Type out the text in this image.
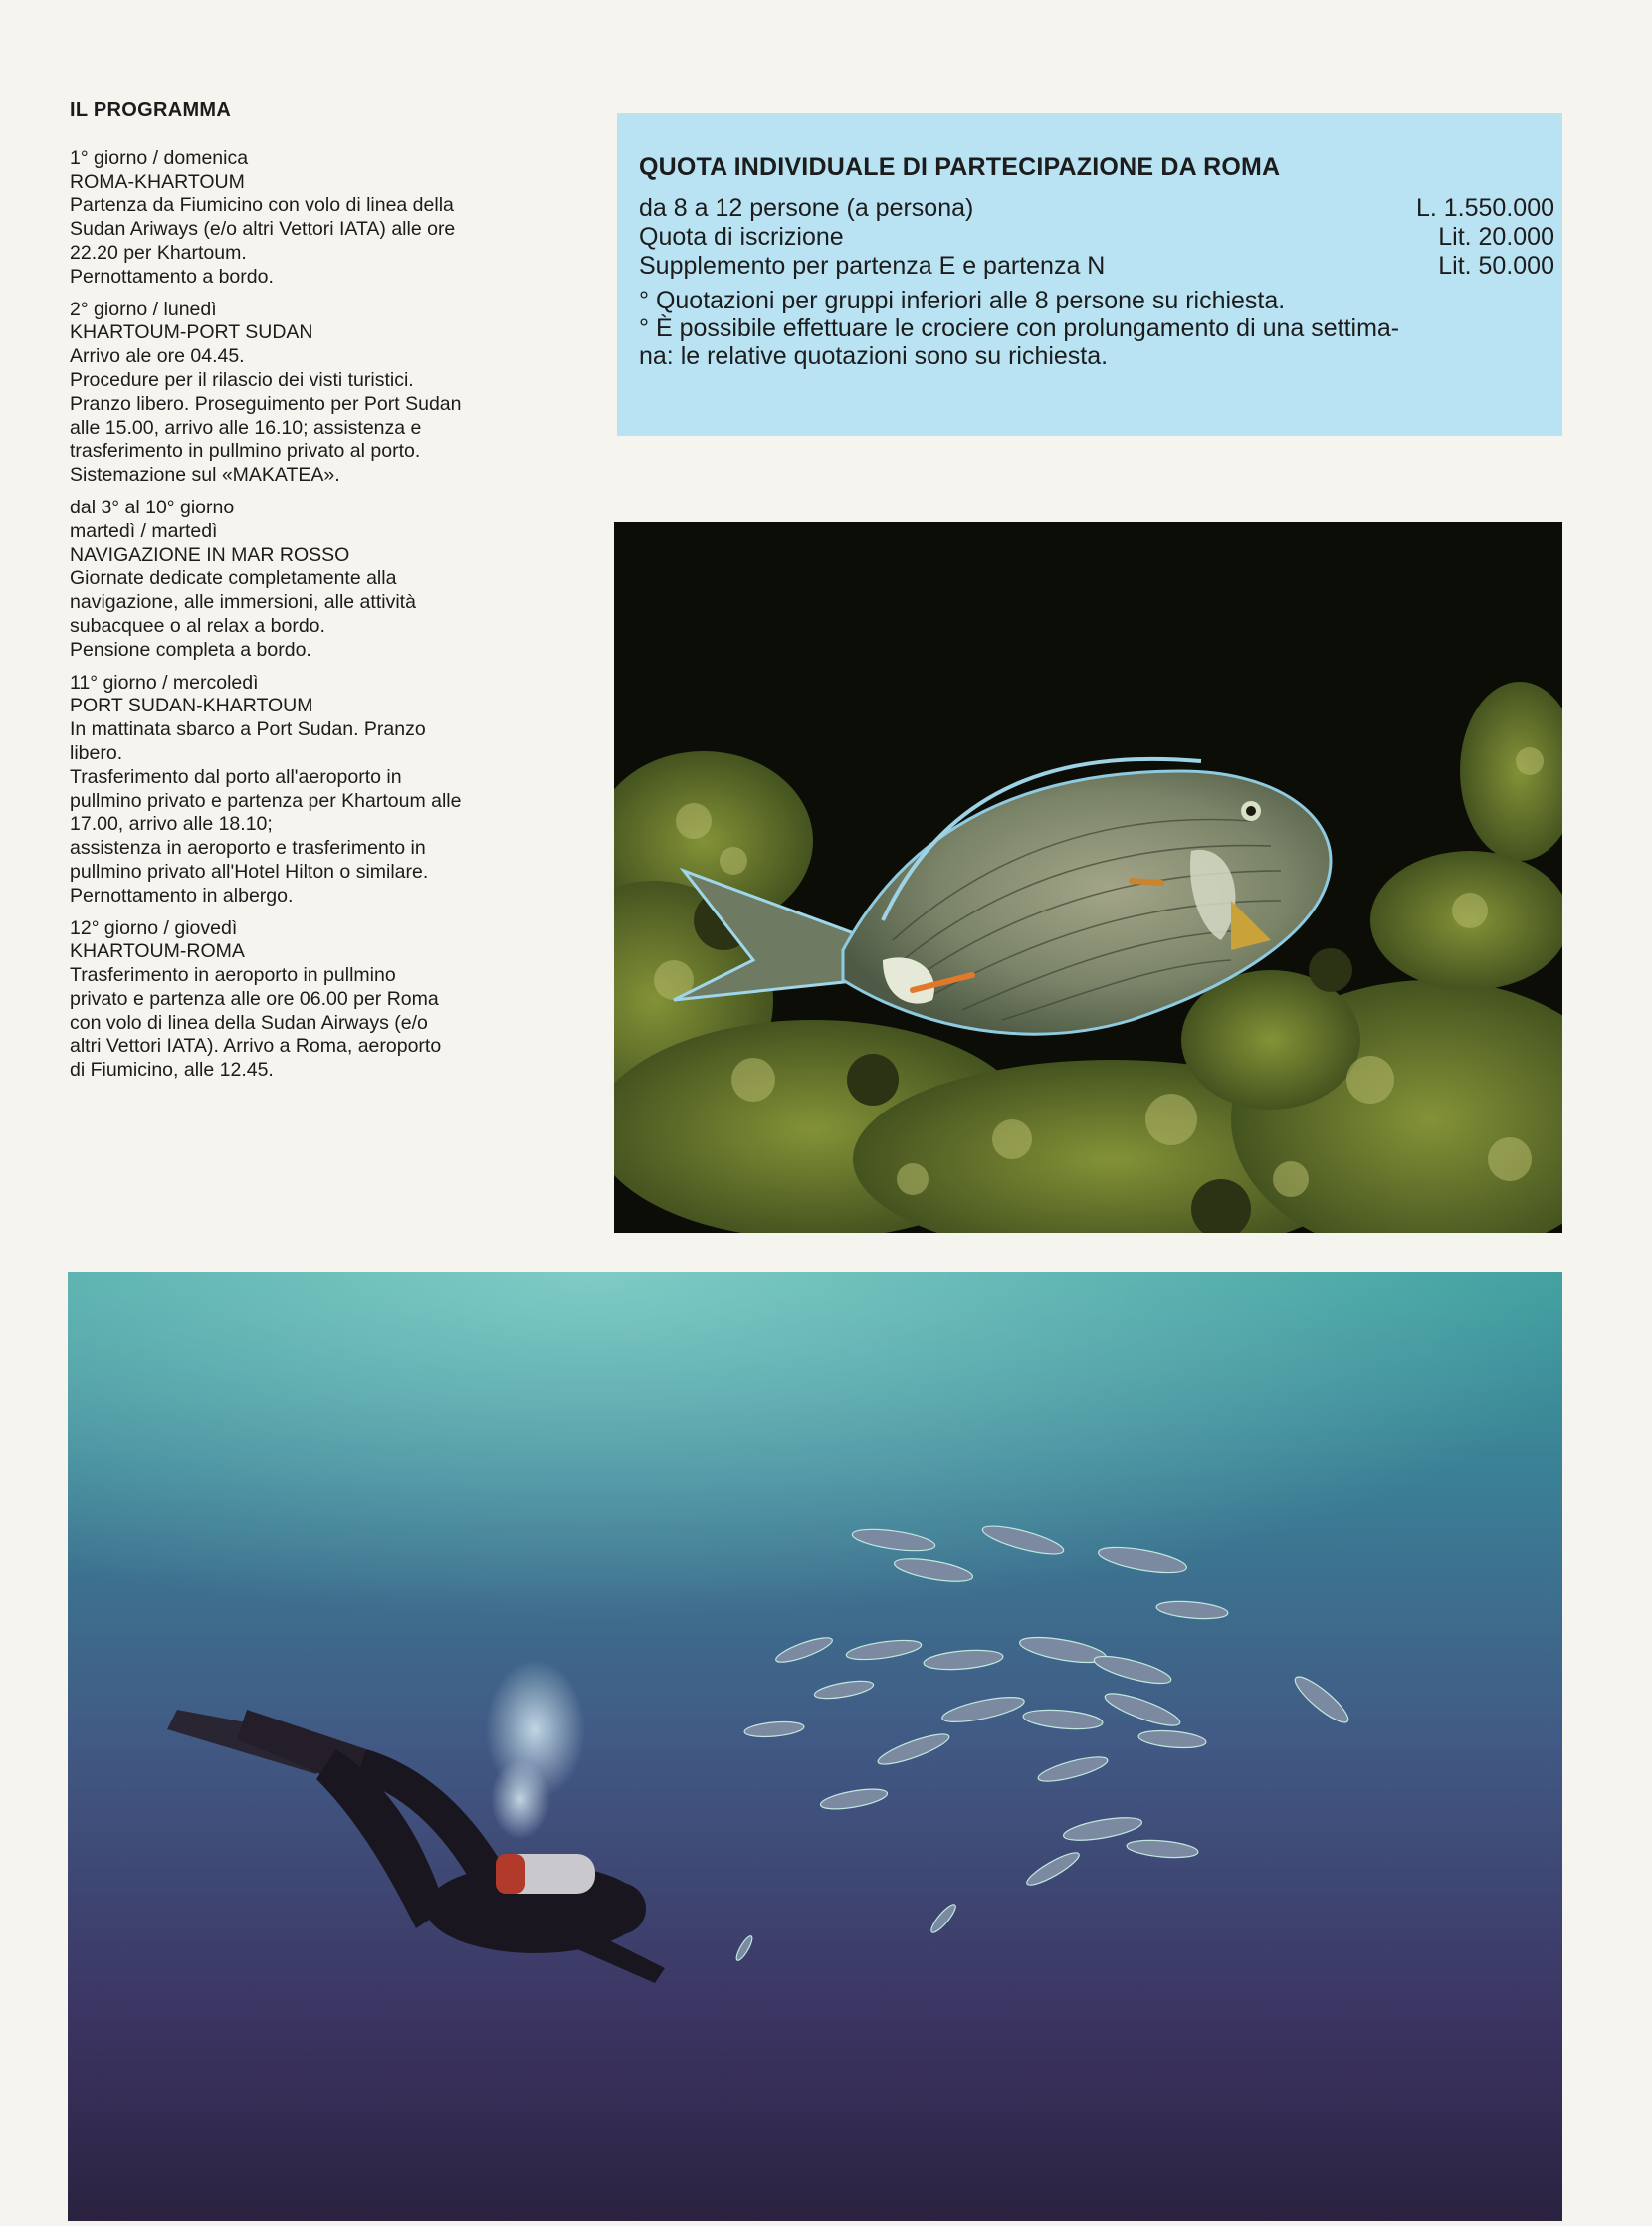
IL PROGRAMMA
1° giorno / domenica
ROMA-KHARTOUM
Partenza da Fiumicino con volo di linea della
Sudan Ariways (e/o altri Vettori IATA) alle ore
22.20 per Khartoum.
Pernottamento a bordo.
2° giorno / lunedì
KHARTOUM-PORT SUDAN
Arrivo ale ore 04.45.
Procedure per il rilascio dei visti turistici.
Pranzo libero. Proseguimento per Port Sudan
alle 15.00, arrivo alle 16.10; assistenza e
trasferimento in pullmino privato al porto.
Sistemazione sul «MAKATEA».
dal 3° al 10° giorno
martedì / martedì
NAVIGAZIONE IN MAR ROSSO
Giornate dedicate completamente alla
navigazione, alle immersioni, alle attività
subacquee o al relax a bordo.
Pensione completa a bordo.
11° giorno / mercoledì
PORT SUDAN-KHARTOUM
In mattinata sbarco a Port Sudan. Pranzo
libero.
Trasferimento dal porto all'aeroporto in
pullmino privato e partenza per Khartoum alle
17.00, arrivo alle 18.10;
assistenza in aeroporto e trasferimento in
pullmino privato all'Hotel Hilton o similare.
Pernottamento in albergo.
12° giorno / giovedì
KHARTOUM-ROMA
Trasferimento in aeroporto in pullmino
privato e partenza alle ore 06.00 per Roma
con volo di linea della Sudan Airways (e/o
altri Vettori IATA). Arrivo a Roma, aeroporto
di Fiumicino, alle 12.45.
QUOTA INDIVIDUALE DI PARTECIPAZIONE DA ROMA
da 8 a 12 persone (a persona)	L. 1.550.000
Quota di iscrizione	Lit. 20.000
Supplemento per partenza E e partenza N	Lit. 50.000
° Quotazioni per gruppi inferiori alle 8 persone su richiesta.
° È possibile effettuare le crociere con prolungamento di una settima-
na: le relative quotazioni sono su richiesta.
